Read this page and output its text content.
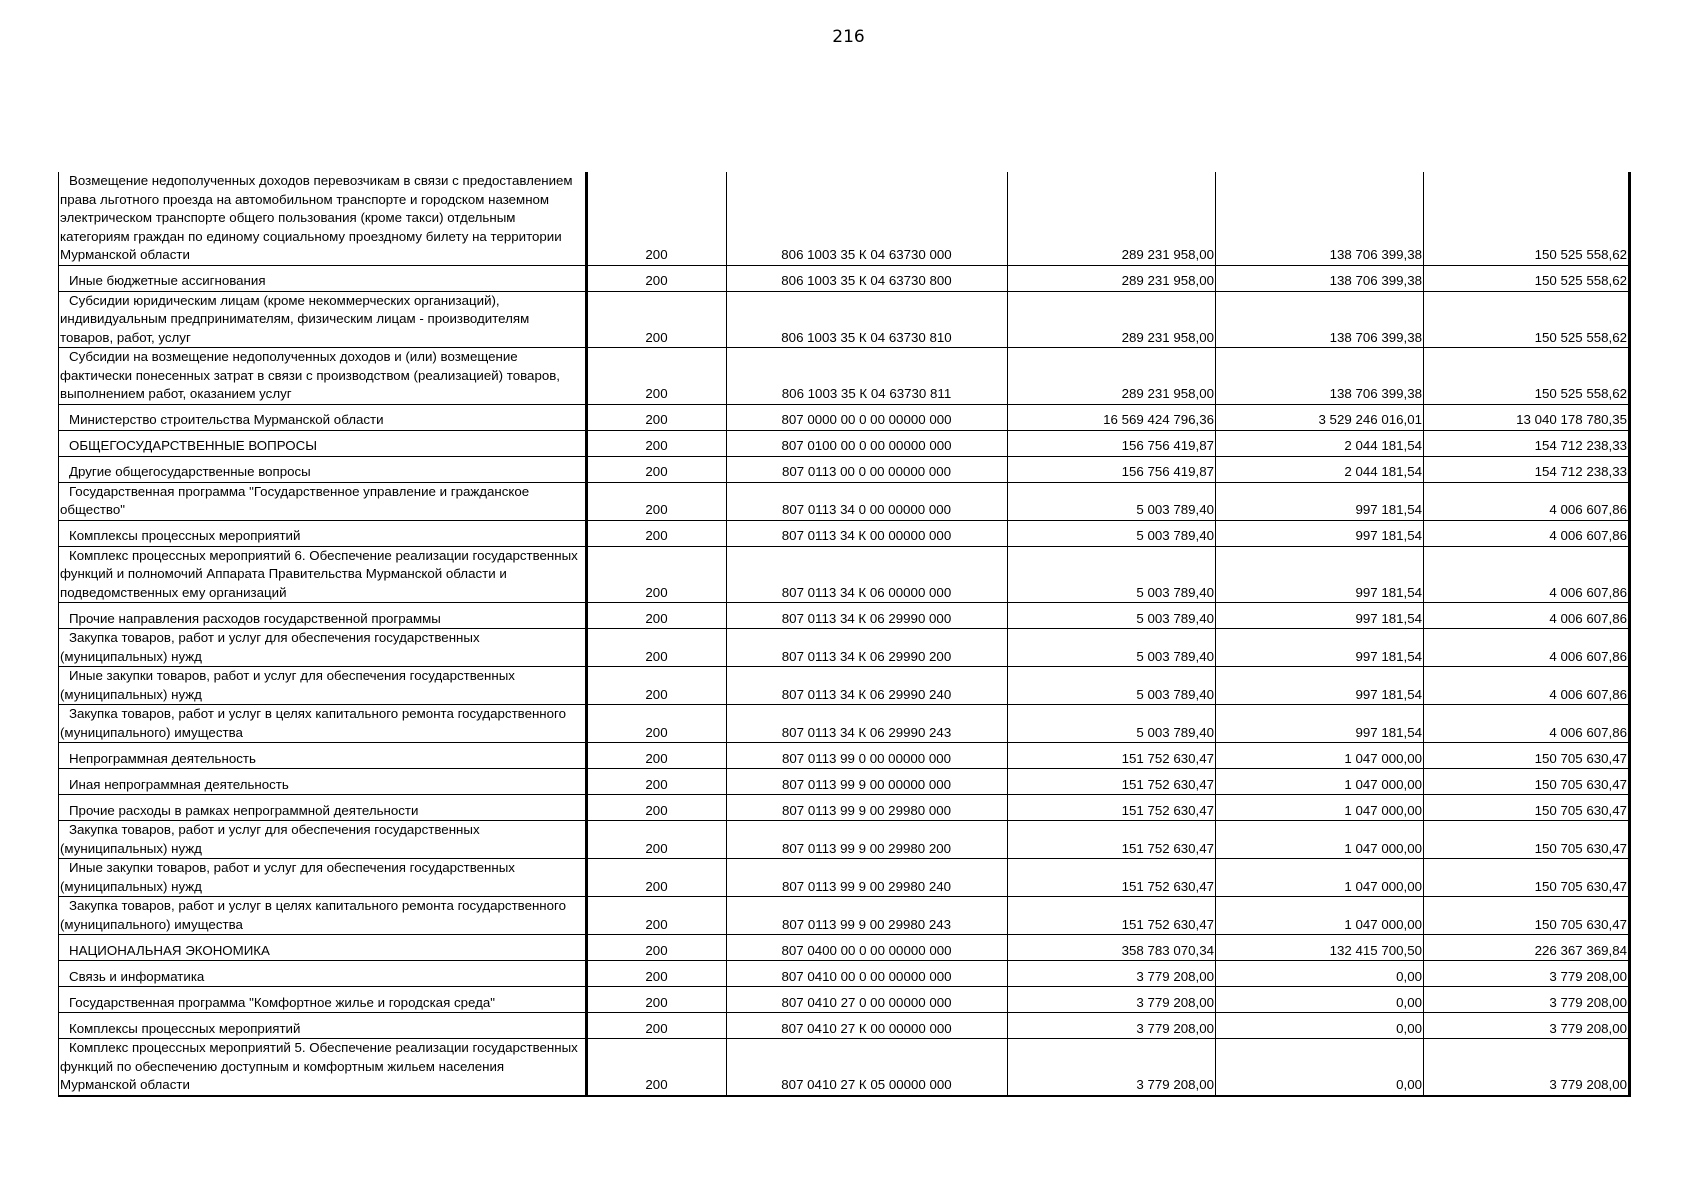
216
Возмещение недополученных доходов перевозчикам в связи с предоставлением права льготного проезда на автомобильном транспорте и городском наземном электрическом транспорте общего пользования (кроме такси) отдельным категориям граждан по единому социальному проездному билету на территории Мурманской области	200	806 1003 35 К 04 63730 000	289 231 958,00	138 706 399,38	150 525 558,62
Иные бюджетные ассигнования	200	806 1003 35 К 04 63730 800	289 231 958,00	138 706 399,38	150 525 558,62
Субсидии юридическим лицам (кроме некоммерческих организаций), индивидуальным предпринимателям, физическим лицам - производителям товаров, работ, услуг	200	806 1003 35 К 04 63730 810	289 231 958,00	138 706 399,38	150 525 558,62
Субсидии на возмещение недополученных доходов и (или) возмещение фактически понесенных затрат в связи с производством (реализацией) товаров, выполнением работ, оказанием услуг	200	806 1003 35 К 04 63730 811	289 231 958,00	138 706 399,38	150 525 558,62
Министерство строительства Мурманской области	200	807 0000 00 0 00 00000 000	16 569 424 796,36	3 529 246 016,01	13 040 178 780,35
ОБЩЕГОСУДАРСТВЕННЫЕ ВОПРОСЫ	200	807 0100 00 0 00 00000 000	156 756 419,87	2 044 181,54	154 712 238,33
Другие общегосударственные вопросы	200	807 0113 00 0 00 00000 000	156 756 419,87	2 044 181,54	154 712 238,33
Государственная программа "Государственное управление и гражданское общество"	200	807 0113 34 0 00 00000 000	5 003 789,40	997 181,54	4 006 607,86
Комплексы процессных мероприятий	200	807 0113 34 К 00 00000 000	5 003 789,40	997 181,54	4 006 607,86
Комплекс процессных мероприятий 6. Обеспечение реализации государственных функций и полномочий Аппарата Правительства Мурманской области и подведомственных ему организаций	200	807 0113 34 К 06 00000 000	5 003 789,40	997 181,54	4 006 607,86
Прочие направления расходов государственной программы	200	807 0113 34 К 06 29990 000	5 003 789,40	997 181,54	4 006 607,86
Закупка товаров, работ и услуг для обеспечения государственных (муниципальных) нужд	200	807 0113 34 К 06 29990 200	5 003 789,40	997 181,54	4 006 607,86
Иные закупки товаров, работ и услуг для обеспечения государственных (муниципальных) нужд	200	807 0113 34 К 06 29990 240	5 003 789,40	997 181,54	4 006 607,86
Закупка товаров, работ и услуг в целях капитального ремонта государственного (муниципального) имущества	200	807 0113 34 К 06 29990 243	5 003 789,40	997 181,54	4 006 607,86
Непрограммная деятельность	200	807 0113 99 0 00 00000 000	151 752 630,47	1 047 000,00	150 705 630,47
Иная непрограммная деятельность	200	807 0113 99 9 00 00000 000	151 752 630,47	1 047 000,00	150 705 630,47
Прочие расходы в рамках непрограммной деятельности	200	807 0113 99 9 00 29980 000	151 752 630,47	1 047 000,00	150 705 630,47
Закупка товаров, работ и услуг для обеспечения государственных (муниципальных) нужд	200	807 0113 99 9 00 29980 200	151 752 630,47	1 047 000,00	150 705 630,47
Иные закупки товаров, работ и услуг для обеспечения государственных (муниципальных) нужд	200	807 0113 99 9 00 29980 240	151 752 630,47	1 047 000,00	150 705 630,47
Закупка товаров, работ и услуг в целях капитального ремонта государственного (муниципального) имущества	200	807 0113 99 9 00 29980 243	151 752 630,47	1 047 000,00	150 705 630,47
НАЦИОНАЛЬНАЯ ЭКОНОМИКА	200	807 0400 00 0 00 00000 000	358 783 070,34	132 415 700,50	226 367 369,84
Связь и информатика	200	807 0410 00 0 00 00000 000	3 779 208,00	0,00	3 779 208,00
Государственная программа "Комфортное жилье и городская среда"	200	807 0410 27 0 00 00000 000	3 779 208,00	0,00	3 779 208,00
Комплексы процессных мероприятий	200	807 0410 27 К 00 00000 000	3 779 208,00	0,00	3 779 208,00
Комплекс процессных мероприятий 5. Обеспечение реализации государственных функций по обеспечению доступным и комфортным жильем населения Мурманской области	200	807 0410 27 К 05 00000 000	3 779 208,00	0,00	3 779 208,00
